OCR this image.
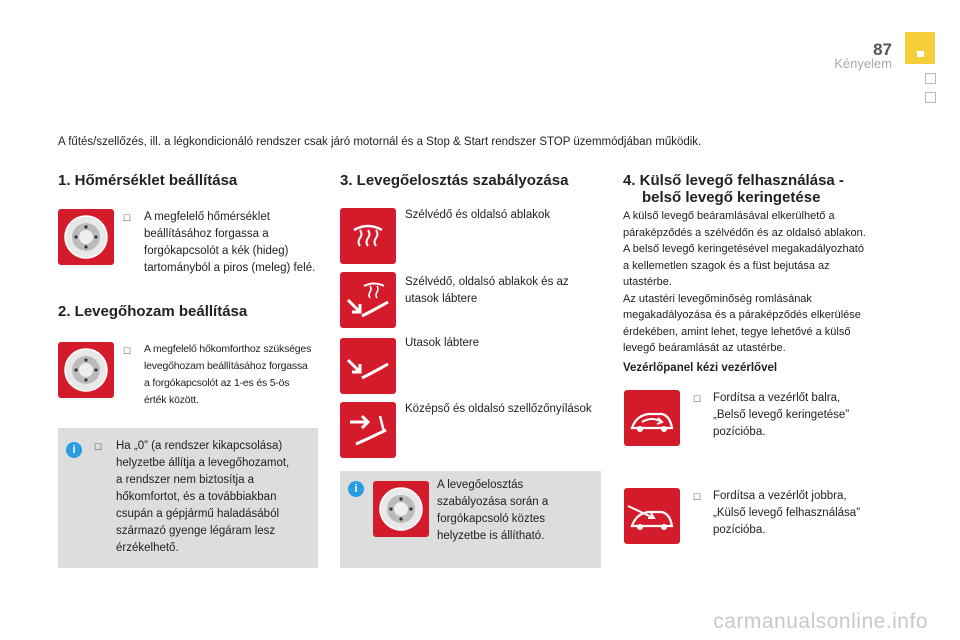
87
Kényelem
A fűtés/szellőzés, ill. a légkondicionáló rendszer csak járó motornál és a Stop & Start rendszer STOP üzemmódjában működik.
1. Hőmérséklet beállítása
☐ A megfelelő hőmérséklet
beállításához forgassa a
forgókapcsolót a kék (hideg)
tartományból a piros (meleg) felé.
2. Levegőhozam beállítása
☐ A megfelelő hőkomforthoz szükséges
levegőhozam beállításához forgassa
a forgókapcsolót az 1-es és 5-ös
érték között.
i	☐ Ha „0” (a rendszer kikapcsolása)
helyzetbe állítja a levegőhozamot,
a rendszer nem biztosítja a
hőkomfortot, és a továbbiakban
csupán a gépjármű haladásából
származó gyenge légáram lesz
érzékelhető.
3. Levegőelosztás szabályozása
Szélvédő és oldalsó ablakok
Szélvédő, oldalsó ablakok és az
utasok lábtere
Utasok lábtere
Középső és oldalsó szellőzőnyílások
i	A levegőelosztás
szabályozása során a
forgókapcsoló köztes
helyzetbe is állítható.
4. Külső levegő felhasználása -
belső levegő keringetése
A külső levegő beáramlásával elkerülhető a
páraképződés a szélvédőn és az oldalsó ablakon.
A belső levegő keringetésével megakadályozható
a kellemetlen szagok és a füst bejutása az
utastérbe.
Az utastéri levegőminőség romlásának
megakadályozása és a páraképződés elkerülése
érdekében, amint lehet, tegye lehetővé a külső
levegő beáramlását az utastérbe.
Vezérlőpanel kézi vezérlővel
☐ Fordítsa a vezérlőt balra,
„Belső levegő keringetése”
pozícióba.
☐ Fordítsa a vezérlőt jobbra,
„Külső levegő felhasználása”
pozícióba.
carmanualsonline.info
